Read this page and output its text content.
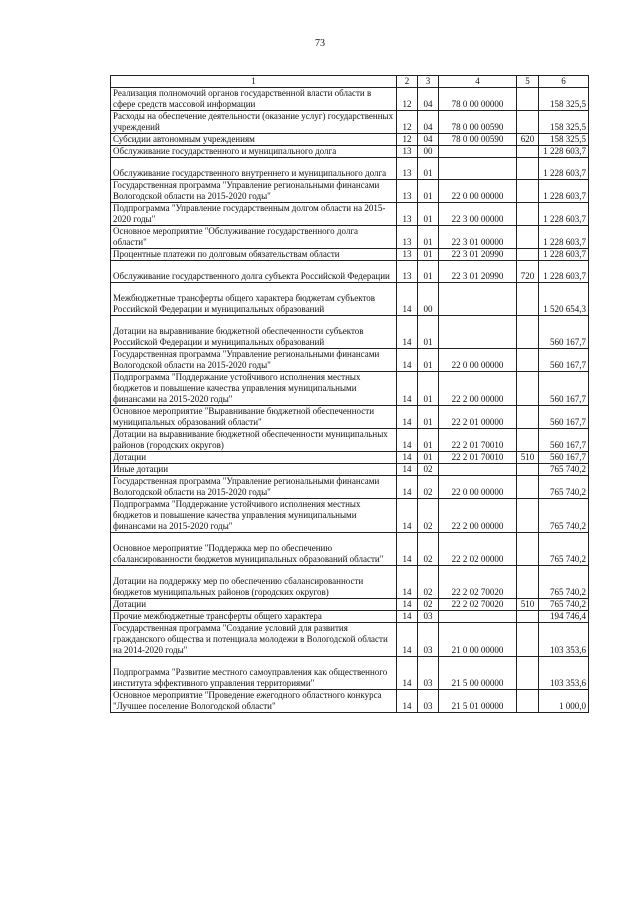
73
1	2	3	4	5	6
Реализация полномочий органов государственной власти области в сфере средств массовой информации	12	04	78 0 00 00000		158 325,5
Расходы на обеспечение деятельности (оказание услуг) государственных учреждений	12	04	78 0 00 00590		158 325,5
Субсидии автономным учреждениям	12	04	78 0 00 00590	620	158 325,5
Обслуживание государственного и муниципального долга	13	00			1 228 603,7
Обслуживание государственного внутреннего и муниципального долга	13	01			1 228 603,7
Государственная программа "Управление региональными финансами Вологодской области на 2015-2020 годы"	13	01	22 0 00 00000		1 228 603,7
Подпрограмма "Управление государственным долгом области на 2015-2020 годы"	13	01	22 3 00 00000		1 228 603,7
Основное мероприятие "Обслуживание государственного долга области"	13	01	22 3 01 00000		1 228 603,7
Процентные платежи по долговым обязательствам области	13	01	22 3 01 20990		1 228 603,7
Обслуживание государственного долга субъекта Российской Федерации	13	01	22 3 01 20990	720	1 228 603,7
Межбюджетные трансферты общего характера бюджетам субъектов Российской Федерации и муниципальных образований	14	00			1 520 654,3
Дотации на выравнивание бюджетной обеспеченности субъектов Российской Федерации и муниципальных образований	14	01			560 167,7
Государственная программа "Управление региональными финансами Вологодской области на 2015-2020 годы"	14	01	22 0 00 00000		560 167,7
Подпрограмма "Поддержание устойчивого исполнения местных бюджетов и повышение качества управления муниципальными финансами на 2015-2020 годы"	14	01	22 2 00 00000		560 167,7
Основное мероприятие "Выравнивание бюджетной обеспеченности муниципальных образований области"	14	01	22 2 01 00000		560 167,7
Дотации на выравнивание бюджетной обеспеченности муниципальных районов (городских округов)	14	01	22 2 01 70010		560 167,7
Дотации	14	01	22 2 01 70010	510	560 167,7
Иные дотации	14	02			765 740,2
Государственная программа "Управление региональными финансами Вологодской области на 2015-2020 годы"	14	02	22 0 00 00000		765 740,2
Подпрограмма "Поддержание устойчивого исполнения местных бюджетов и повышение качества управления муниципальными финансами на 2015-2020 годы"	14	02	22 2 00 00000		765 740,2
Основное мероприятие "Поддержка мер по обеспечению сбалансированности бюджетов муниципальных образований области"	14	02	22 2 02 00000		765 740,2
Дотации на поддержку мер по обеспечению сбалансированности бюджетов муниципальных районов (городских округов)	14	02	22 2 02 70020		765 740,2
Дотации	14	02	22 2 02 70020	510	765 740,2
Прочие межбюджетные трансферты общего характера	14	03			194 746,4
Государственная программа "Создание условий для развития гражданского общества и потенциала молодежи в Вологодской области на 2014-2020 годы"	14	03	21 0 00 00000		103 353,6
Подпрограмма "Развитие местного самоуправления как общественного института эффективного управления территориями"	14	03	21 5 00 00000		103 353,6
Основное мероприятие "Проведение ежегодного областного конкурса "Лучшее поселение Вологодской области"	14	03	21 5 01 00000		1 000,0
